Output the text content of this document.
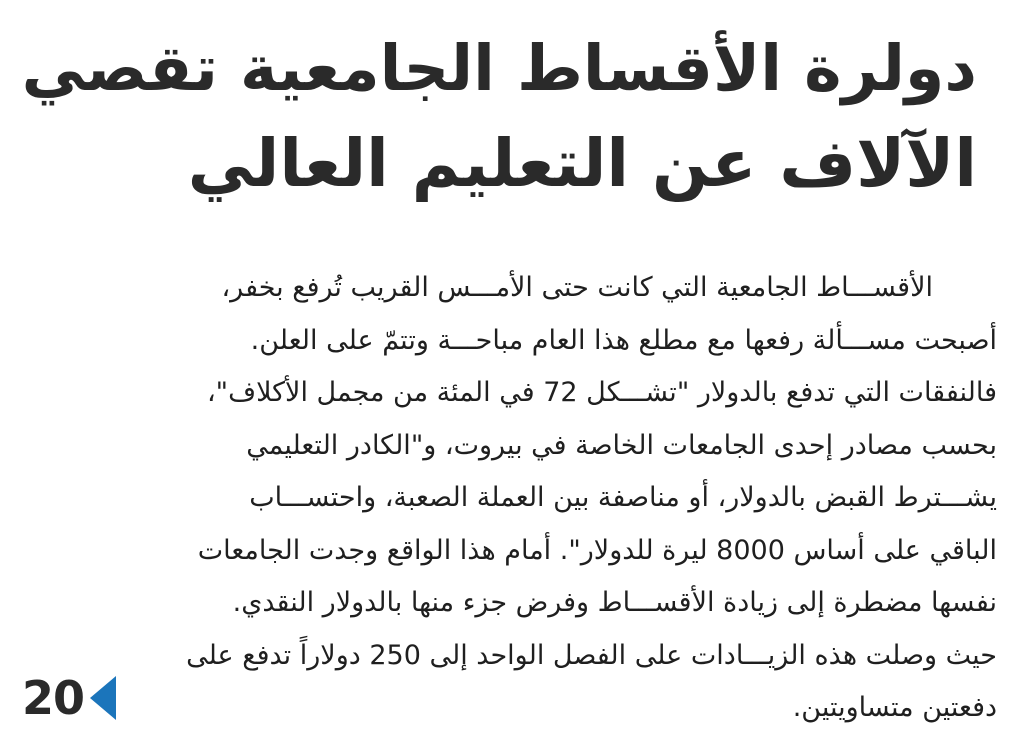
دولرة الأقساط الجامعية تقصي
الآلاف عن التعليم العالي
الأقســـاط الجامعية التي كانت حتى الأمـــس القريب تُرفع بخفر،
أصبحت مســـألة رفعها مع مطلع هذا العام مباحـــة وتتمّ على العلن.
فالنفقات التي تدفع بالدولار "تشـــكل 72 في المئة من مجمل الأكلاف"،
بحسب مصادر إحدى الجامعات الخاصة في بيروت، و"الكادر التعليمي
يشـــترط القبض بالدولار، أو مناصفة بين العملة الصعبة، واحتســـاب
الباقي على أساس 8000 ليرة للدولار". أمام هذا الواقع وجدت الجامعات
نفسها مضطرة إلى زيادة الأقســـاط وفرض جزء منها بالدولار النقدي.
حيث وصلت هذه الزيـــادات على الفصل الواحد إلى 250 دولاراً تدفع على
دفعتين متساويتين.
20
